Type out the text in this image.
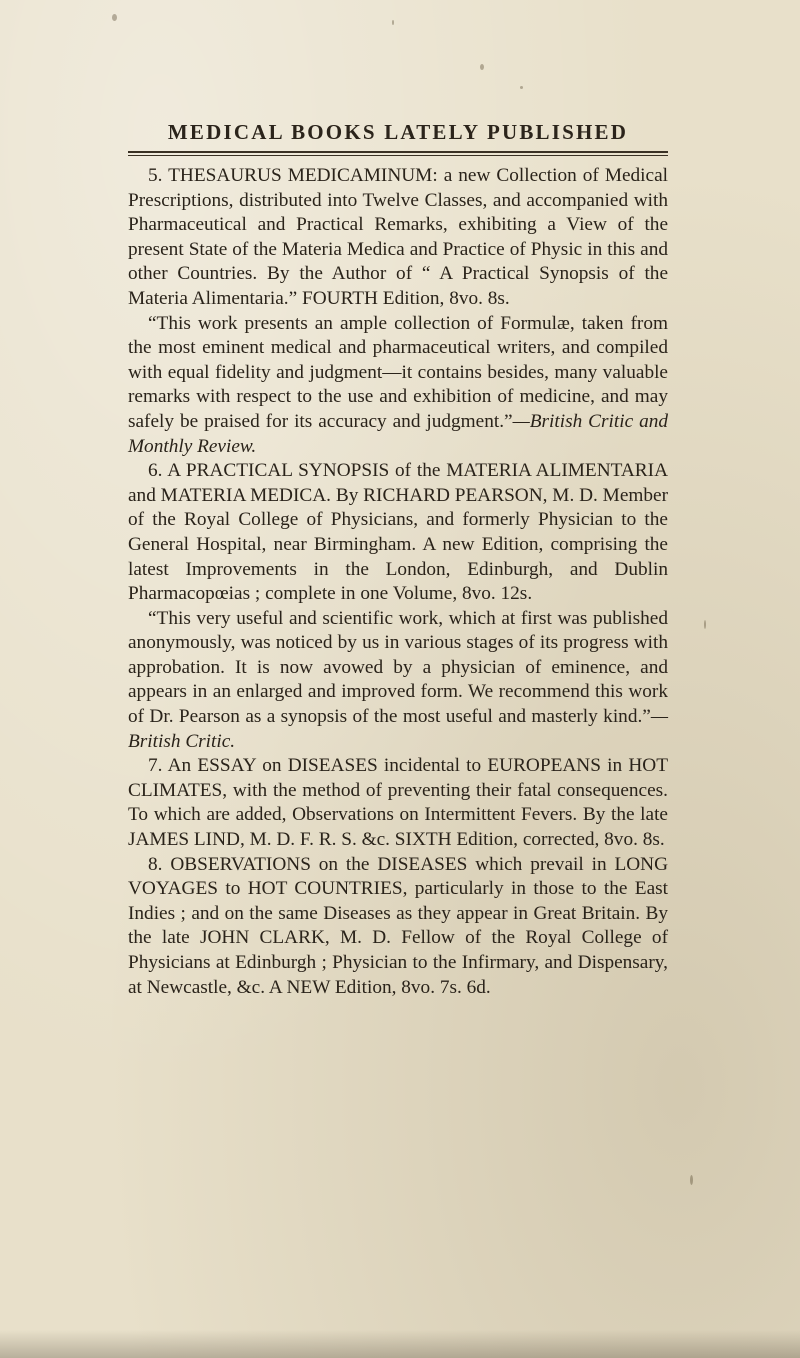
MEDICAL BOOKS LATELY PUBLISHED

5. THESAURUS MEDICAMINUM: a new Collection of Medical Prescriptions, distributed into Twelve Classes, and accompanied with Pharmaceutical and Practical Remarks, exhibiting a View of the present State of the Materia Medica and Practice of Physic in this and other Countries. By the Author of “ A Practical Synopsis of the Materia Alimentaria.” FOURTH Edition, 8vo. 8s.

“This work presents an ample collection of Formulæ, taken from the most eminent medical and pharmaceutical writers, and compiled with equal fidelity and judgment—it contains besides, many valuable remarks with respect to the use and exhibition of medicine, and may safely be praised for its accuracy and judgment.”—British Critic and Monthly Review.

6. A PRACTICAL SYNOPSIS of the MATERIA ALIMENTARIA and MATERIA MEDICA. By RICHARD PEARSON, M. D. Member of the Royal College of Physicians, and formerly Physician to the General Hospital, near Birmingham. A new Edition, comprising the latest Improvements in the London, Edinburgh, and Dublin Pharmacopœias ; complete in one Volume, 8vo. 12s.

“This very useful and scientific work, which at first was published anonymously, was noticed by us in various stages of its progress with approbation. It is now avowed by a physician of eminence, and appears in an enlarged and improved form. We recommend this work of Dr. Pearson as a synopsis of the most useful and masterly kind.”—British Critic.

7. An ESSAY on DISEASES incidental to EUROPEANS in HOT CLIMATES, with the method of preventing their fatal consequences. To which are added, Observations on Intermittent Fevers. By the late JAMES LIND, M. D. F. R. S. &c. SIXTH Edition, corrected, 8vo. 8s.

8. OBSERVATIONS on the DISEASES which prevail in LONG VOYAGES to HOT COUNTRIES, particularly in those to the East Indies ; and on the same Diseases as they appear in Great Britain. By the late JOHN CLARK, M. D. Fellow of the Royal College of Physicians at Edinburgh ; Physician to the Infirmary, and Dispensary, at Newcastle, &c. A NEW Edition, 8vo. 7s. 6d.
